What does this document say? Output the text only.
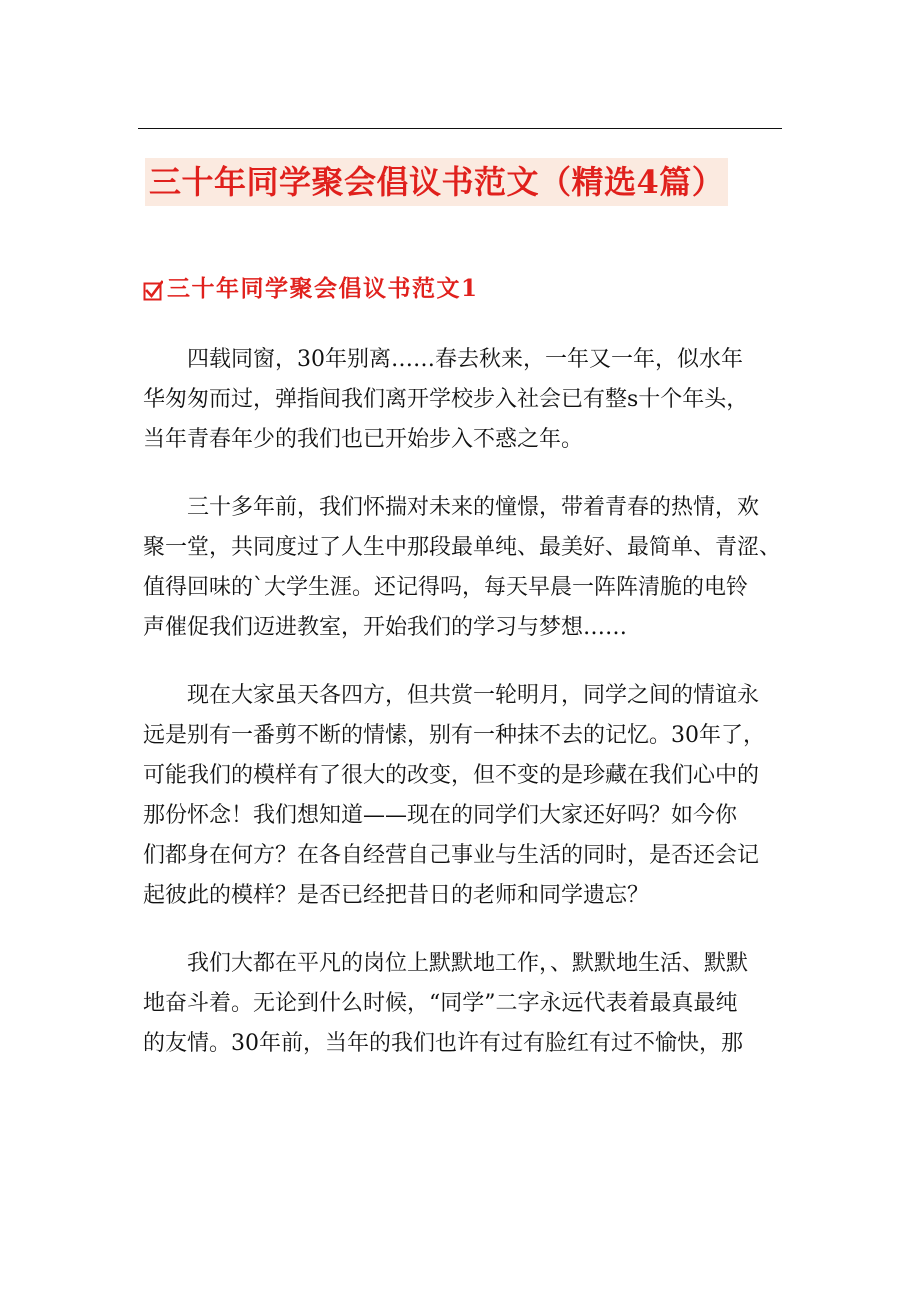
三十年同学聚会倡议书范文（精选4篇）
三十年同学聚会倡议书范文1
四载同窗，30年别离……春去秋来，一年又一年，似水年
华匆匆而过，弹指间我们离开学校步入社会已有整s十个年头，
当年青春年少的我们也已开始步入不惑之年。
三十多年前，我们怀揣对未来的憧憬，带着青春的热情，欢
聚一堂，共同度过了人生中那段最单纯、最美好、最简单、青涩、
值得回味的`大学生涯。还记得吗，每天早晨一阵阵清脆的电铃
声催促我们迈进教室，开始我们的学习与梦想……
现在大家虽天各四方，但共赏一轮明月，同学之间的情谊永
远是别有一番剪不断的情愫，别有一种抹不去的记忆。30年了，
可能我们的模样有了很大的改变，但不变的是珍藏在我们心中的
那份怀念！我们想知道——现在的同学们大家还好吗？如今你
们都身在何方？在各自经营自己事业与生活的同时，是否还会记
起彼此的模样？是否已经把昔日的老师和同学遗忘？
我们大都在平凡的岗位上默默地工作，、默默地生活、默默
地奋斗着。无论到什么时候，“同学”二字永远代表着最真最纯
的友情。30年前，当年的我们也许有过有脸红有过不愉快，那
